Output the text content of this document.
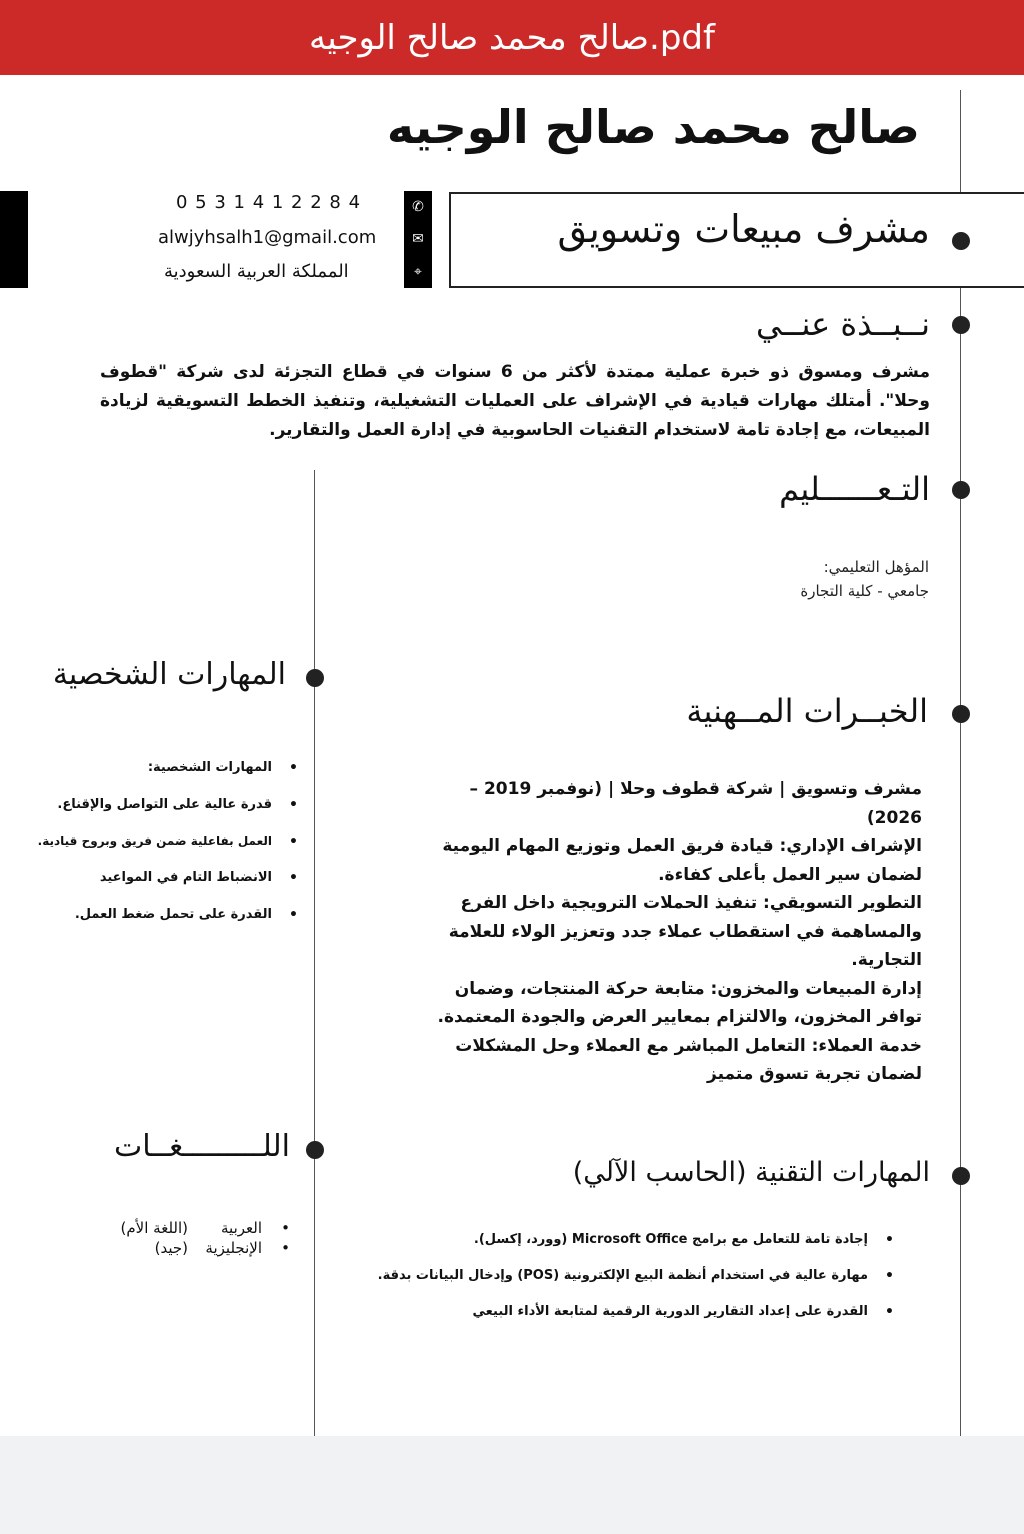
صالح محمد صالح الوجيه.pdf
صالح محمد صالح الوجيه
✆
✉
⌖
0 5 3 1 4 1 2 2 8 4
alwjyhsalh1@gmail.com
المملكة العربية السعودية
مشرف مبيعات وتسويق
نــبــذة عنــي

مشرف ومسوق ذو خبرة عملية ممتدة لأكثر من 6 سنوات في قطاع التجزئة لدى شركة "قطوف وحلا". أمتلك مهارات قيادية في الإشراف على العمليات التشغيلية، وتنفيذ الخطط التسويقية لزيادة المبيعات، مع إجادة تامة لاستخدام التقنيات الحاسوبية في إدارة العمل والتقارير.

التـعــــــليم
المؤهل التعليمي:
جامعي - كلية التجارة
الخبــرات المــهنية
مشرف وتسويق | شركة قطوف وحلا | (نوفمبر 2019 – 2026)
الإشراف الإداري: قيادة فريق العمل وتوزيع المهام اليومية لضمان سير العمل بأعلى كفاءة.
التطوير التسويقي: تنفيذ الحملات الترويجية داخل الفرع والمساهمة في استقطاب عملاء جدد وتعزيز الولاء للعلامة التجارية.
إدارة المبيعات والمخزون: متابعة حركة المنتجات، وضمان توافر المخزون، والالتزام بمعايير العرض والجودة المعتمدة.
خدمة العملاء: التعامل المباشر مع العملاء وحل المشكلات لضمان تجربة تسوق متميز
المهارات التقنية (الحاسب الآلي)
• إجادة تامة للتعامل مع برامج Microsoft Office (وورد، إكسل).
• مهارة عالية في استخدام أنظمة البيع الإلكترونية (POS) وإدخال البيانات بدقة.
• القدرة على إعداد التقارير الدورية الرقمية لمتابعة الأداء البيعي
المهارات الشخصية
• المهارات الشخصية:
• قدرة عالية على التواصل والإقناع.
• العمل بفاعلية ضمن فريق وبروح قيادية.
• الانضباط التام في المواعيد
• القدرة على تحمل ضغط العمل.
اللـــــــــغــات
• العربية
(اللغة الأم)
• الإنجليزية
(جيد)
